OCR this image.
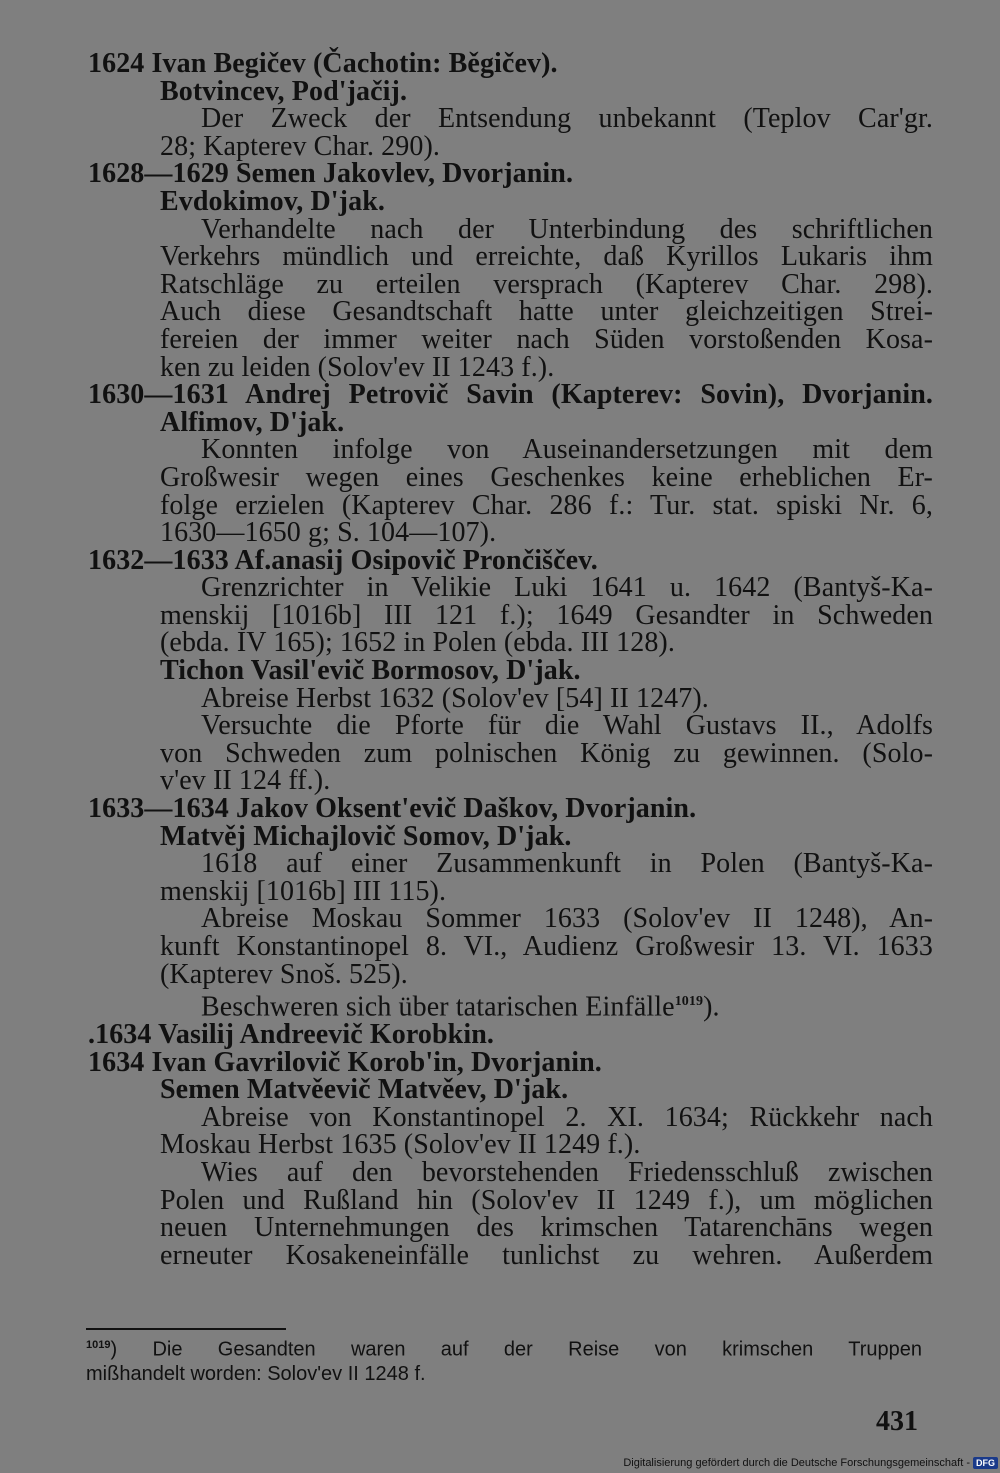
1624 Ivan Begičev (Čachotin: Běgičev).
Botvincev, Pod'jačij.
Der Zweck der Entsendung unbekannt (Teplov Car'gr.
28; Kapterev Char. 290).
1628—1629 Semen Jakovlev, Dvorjanin.
Evdokimov, D'jak.
Verhandelte nach der Unterbindung des schriftlichen
Verkehrs mündlich und erreichte, daß Kyrillos Lukaris ihm
Ratschläge zu erteilen versprach (Kapterev Char. 298).
Auch diese Gesandtschaft hatte unter gleichzeitigen Strei-
fereien der immer weiter nach Süden vorstoßenden Kosa-
ken zu leiden (Solov'ev II 1243 f.).
1630—1631 Andrej Petrovič Savin (Kapterev: Sovin), Dvorjanin.
Alfimov, D'jak.
Konnten infolge von Auseinandersetzungen mit dem
Großwesir wegen eines Geschenkes keine erheblichen Er-
folge erzielen (Kapterev Char. 286 f.: Tur. stat. spiski Nr. 6,
1630—1650 g; S. 104—107).
1632—1633 Af.anasij Osipovič Prončiščev.
Grenzrichter in Velikie Luki 1641 u. 1642 (Bantyš-Ka-
menskij [1016b] III 121 f.); 1649 Gesandter in Schweden
(ebda. IV 165); 1652 in Polen (ebda. III 128).
Tichon Vasil'evič Bormosov, D'jak.
Abreise Herbst 1632 (Solov'ev [54] II 1247).
Versuchte die Pforte für die Wahl Gustavs II., Adolfs
von Schweden zum polnischen König zu gewinnen. (Solo-
v'ev II 124 ff.).
1633—1634 Jakov Oksent'evič Daškov, Dvorjanin.
Matvěj Michajlovič Somov, D'jak.
1618 auf einer Zusammenkunft in Polen (Bantyš-Ka-
menskij [1016b] III 115).
Abreise Moskau Sommer 1633 (Solov'ev II 1248), An-
kunft Konstantinopel 8. VI., Audienz Großwesir 13. VI. 1633
(Kapterev Snoš. 525).
Beschweren sich über tatarischen Einfälle$^{1019}$).
.1634 Vasilij Andreevič Korobkin.
1634 Ivan Gavrilovič Korob'in, Dvorjanin.
Semen Matvěevič Matvěev, D'jak.
Abreise von Konstantinopel 2. XI. 1634; Rückkehr nach
Moskau Herbst 1635 (Solov'ev II 1249 f.).
Wies auf den bevorstehenden Friedensschluß zwischen
Polen und Rußland hin (Solov'ev II 1249 f.), um möglichen
neuen Unternehmungen des krimschen Tatarenchāns wegen
erneuter Kosakeneinfälle tunlichst zu wehren. Außerdem
$^{1019}$) Die Gesandten waren auf der Reise von krimschen Truppen
mißhandelt worden: Solov'ev II 1248 f.
431
Digitalisierung gefördert durch die Deutsche Forschungsgemeinschaft - DFG
